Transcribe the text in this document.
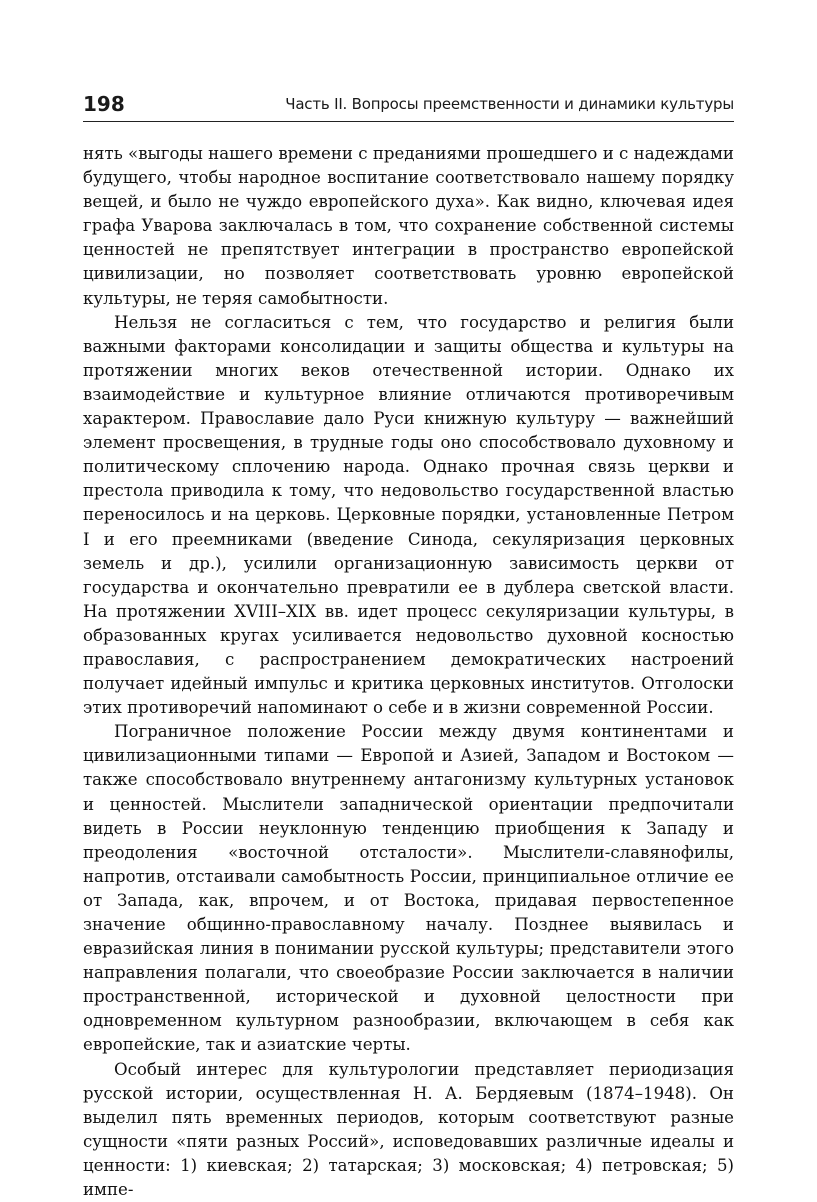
198	Часть II. Вопросы преемственности и динамики культуры

нять «выгоды нашего времени с преданиями прошедшего и с надеждами будущего, чтобы народное воспитание соответствовало нашему порядку вещей, и было не чуждо европейского духа». Как видно, ключевая идея графа Уварова заключалась в том, что сохранение собственной системы ценностей не препятствует интеграции в пространство европейской цивилизации, но позволяет соответствовать уровню европейской культуры, не теряя самобытности.

Нельзя не согласиться с тем, что государство и религия были важными факторами консолидации и защиты общества и культуры на протяжении многих веков отечественной истории. Однако их взаимодействие и культурное влияние отличаются противоречивым характером. Православие дало Руси книжную культуру — важнейший элемент просвещения, в трудные годы оно способствовало духовному и политическому сплочению народа. Однако прочная связь церкви и престола приводила к тому, что недовольство государственной властью переносилось и на церковь. Церковные порядки, установленные Петром I и его преемниками (введение Синода, секуляризация церковных земель и др.), усилили организационную зависимость церкви от государства и окончательно превратили ее в дублера светской власти. На протяжении XVIII–XIX вв. идет процесс секуляризации культуры, в образованных кругах усиливается недовольство духовной косностью православия, с распространением демократических настроений получает идейный импульс и критика церковных институтов. Отголоски этих противоречий напоминают о себе и в жизни современной России.

Пограничное положение России между двумя континентами и цивилизационными типами — Европой и Азией, Западом и Востоком — также способствовало внутреннему антагонизму культурных установок и ценностей. Мыслители западнической ориентации предпочитали видеть в России неуклонную тенденцию приобщения к Западу и преодоления «восточной отсталости». Мыслители-славянофилы, напротив, отстаивали самобытность России, принципиальное отличие ее от Запада, как, впрочем, и от Востока, придавая первостепенное значение общинно-православному началу. Позднее выявилась и евразийская линия в понимании русской культуры; представители этого направления полагали, что своеобразие России заключается в наличии пространственной, исторической и духовной целостности при одновременном культурном разнообразии, включающем в себя как европейские, так и азиатские черты.

Особый интерес для культурологии представляет периодизация русской истории, осуществленная Н. А. Бердяевым (1874–1948). Он выделил пять временных периодов, которым соответствуют разные сущности «пяти разных Россий», исповедовавших различные идеалы и ценности: 1) киевская; 2) татарская; 3) московская; 4) петровская; 5) импе-
